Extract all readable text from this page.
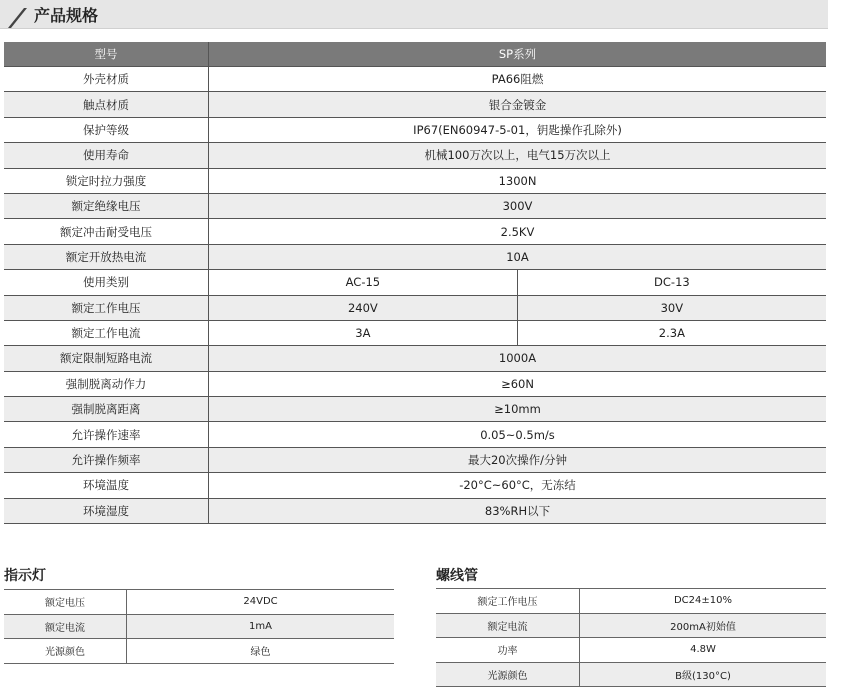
产品规格
型号	SP系列	
外壳材质	PA66阻燃	
触点材质	银合金镀金	
保护等级	IP67(EN60947-5-01，钥匙操作孔除外)	
使用寿命	机械100万次以上，电气15万次以上	
锁定时拉力强度	1300N	
额定绝缘电压	300V	
额定冲击耐受电压	2.5KV	
额定开放热电流	10A	
使用类别	AC-15	DC-13
额定工作电压	240V	30V
额定工作电流	3A	2.3A
额定限制短路电流	1000A	
强制脱离动作力	≥60N	
强制脱离距离	≥10mm	
允许操作速率	0.05~0.5m/s	
允许操作频率	最大20次操作/分钟	
环境温度	-20°C~60°C，无冻结	
环境湿度	83%RH以下	
指示灯
额定电压	24VDC
额定电流	1mA
光源颜色	绿色
螺线管
额定工作电压	DC24±10%
额定电流	200mA初始值
功率	4.8W
光源颜色	B级(130°C)
